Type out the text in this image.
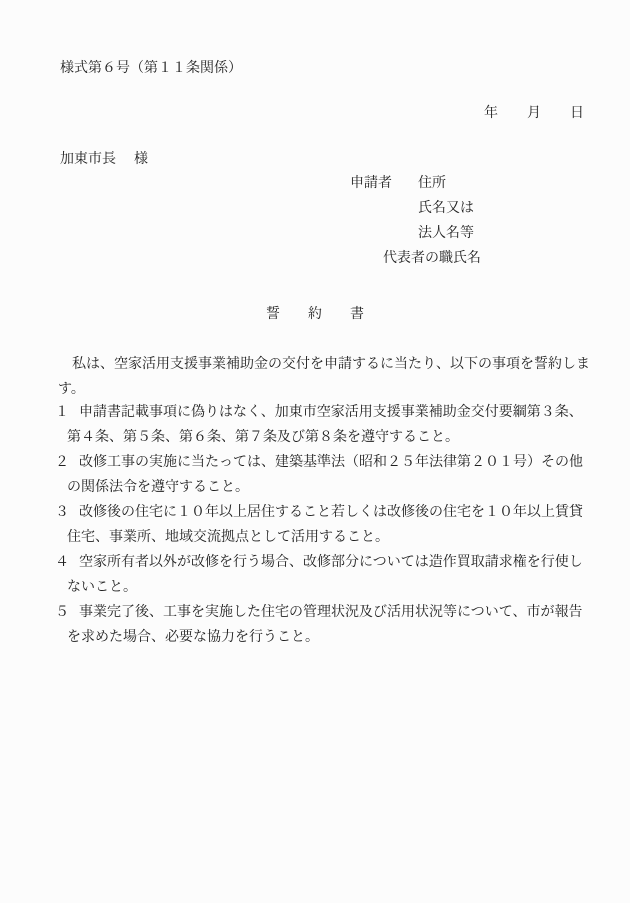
様式第６号（第１１条関係）
年 月 日
加東市長 様
申請者 住所
氏名又は
法人名等
代表者の職氏名
誓　　約　　書
私は、空家活用支援事業補助金の交付を申請するに当たり、以下の事項を誓約します。
１ 申請書記載事項に偽りはなく、加東市空家活用支援事業補助金交付要綱第３条、第４条、第５条、第６条、第７条及び第８条を遵守すること。
２ 改修工事の実施に当たっては、建築基準法（昭和２５年法律第２０１号）その他の関係法令を遵守すること。
３ 改修後の住宅に１０年以上居住すること若しくは改修後の住宅を１０年以上賃貸住宅、事業所、地域交流拠点として活用すること。
４ 空家所有者以外が改修を行う場合、改修部分については造作買取請求権を行使しないこと。
５ 事業完了後、工事を実施した住宅の管理状況及び活用状況等について、市が報告を求めた場合、必要な協力を行うこと。
